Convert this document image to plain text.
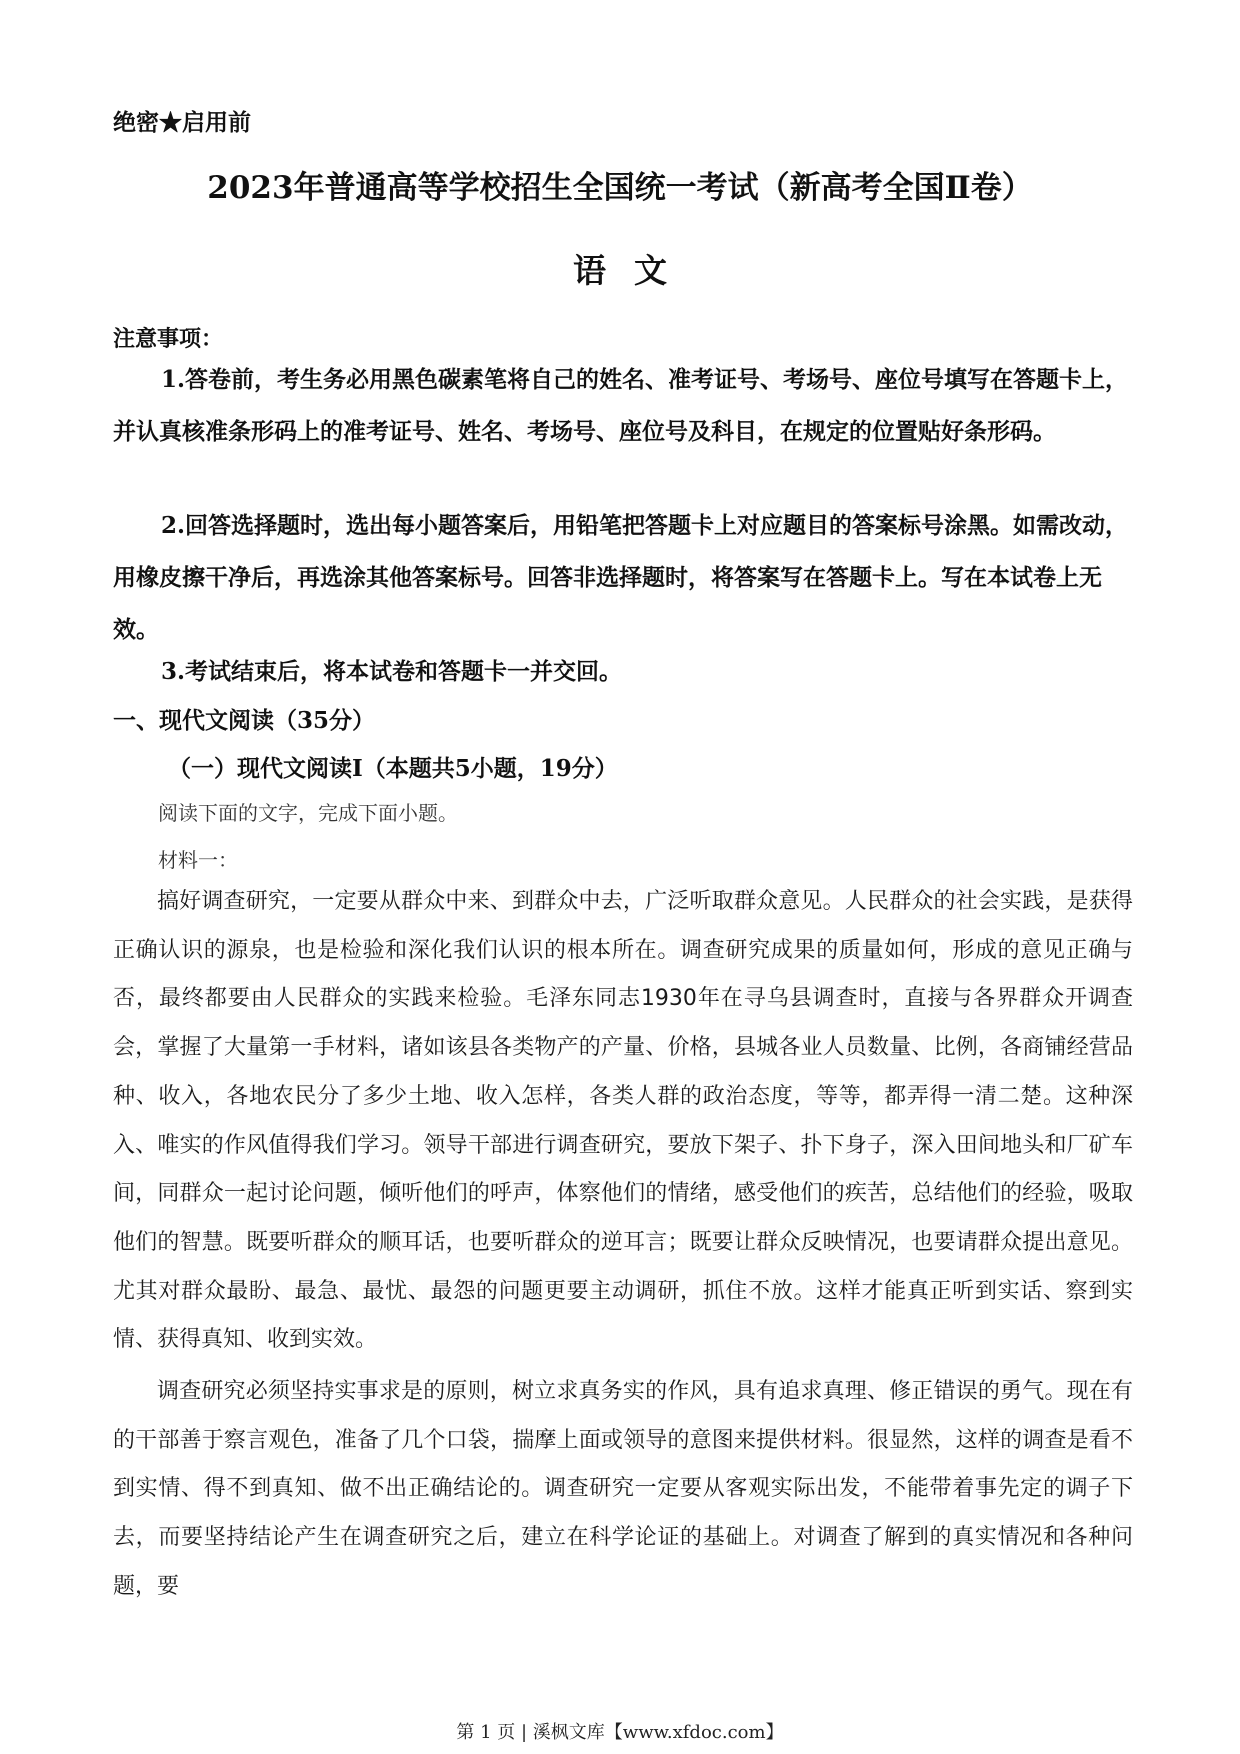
绝密★启用前
2023年普通高等学校招生全国统一考试（新高考全国Ⅱ卷）
语文
注意事项：
1.答卷前，考生务必用黑色碳素笔将自己的姓名、准考证号、考场号、座位号填写在答题卡上，并认真核准条形码上的准考证号、姓名、考场号、座位号及科目，在规定的位置贴好条形码。
2.回答选择题时，选出每小题答案后，用铅笔把答题卡上对应题目的答案标号涂黑。如需改动，用橡皮擦干净后，再选涂其他答案标号。回答非选择题时，将答案写在答题卡上。写在本试卷上无效。
3.考试结束后，将本试卷和答题卡一并交回。
一、现代文阅读（35分）
（一）现代文阅读Ⅰ（本题共5小题，19分）
阅读下面的文字，完成下面小题。
材料一：
搞好调查研究，一定要从群众中来、到群众中去，广泛听取群众意见。人民群众的社会实践，是获得正确认识的源泉，也是检验和深化我们认识的根本所在。调查研究成果的质量如何，形成的意见正确与否，最终都要由人民群众的实践来检验。毛泽东同志1930年在寻乌县调查时，直接与各界群众开调查会，掌握了大量第一手材料，诸如该县各类物产的产量、价格，县城各业人员数量、比例，各商铺经营品种、收入，各地农民分了多少土地、收入怎样，各类人群的政治态度，等等，都弄得一清二楚。这种深入、唯实的作风值得我们学习。领导干部进行调查研究，要放下架子、扑下身子，深入田间地头和厂矿车间，同群众一起讨论问题，倾听他们的呼声，体察他们的情绪，感受他们的疾苦，总结他们的经验，吸取他们的智慧。既要听群众的顺耳话，也要听群众的逆耳言；既要让群众反映情况，也要请群众提出意见。尤其对群众最盼、最急、最忧、最怨的问题更要主动调研，抓住不放。这样才能真正听到实话、察到实情、获得真知、收到实效。
调查研究必须坚持实事求是的原则，树立求真务实的作风，具有追求真理、修正错误的勇气。现在有的干部善于察言观色，准备了几个口袋，揣摩上面或领导的意图来提供材料。很显然，这样的调查是看不到实情、得不到真知、做不出正确结论的。调查研究一定要从客观实际出发，不能带着事先定的调子下去，而要坚持结论产生在调查研究之后，建立在科学论证的基础上。对调查了解到的真实情况和各种问题，要
第 1 页 | 溪枫文库【www.xfdoc.com】
